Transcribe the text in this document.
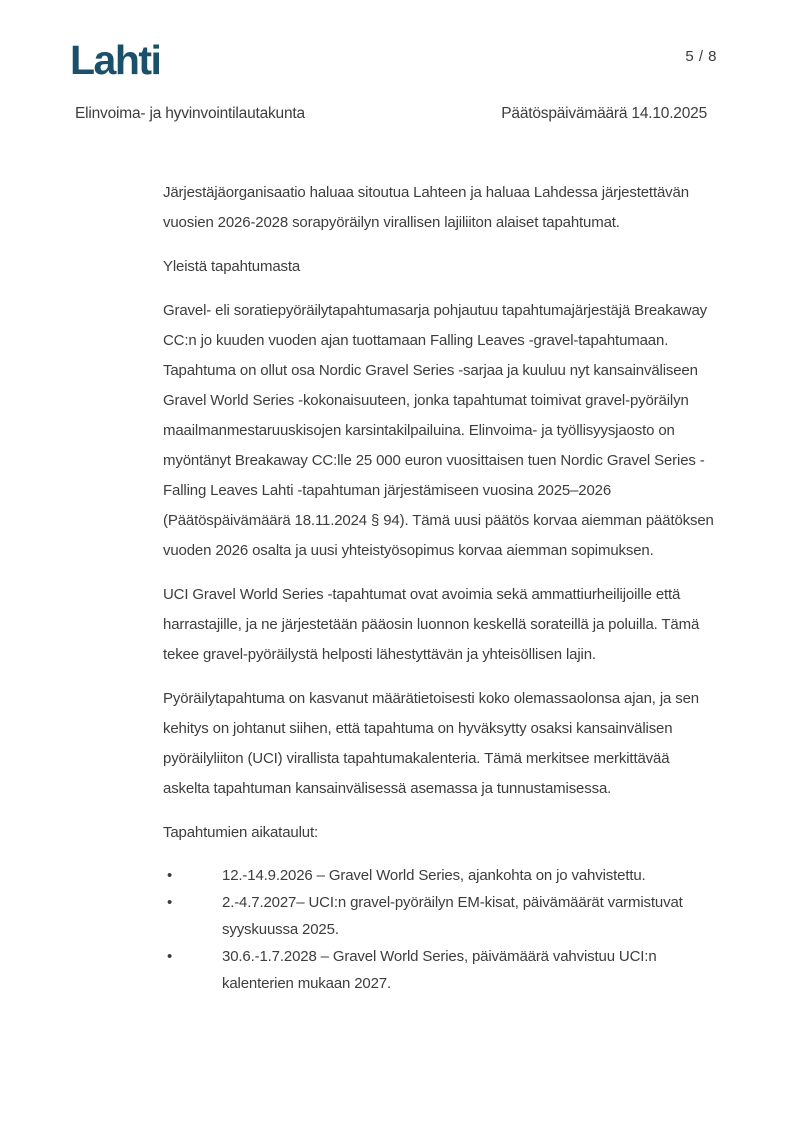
Lahti	5 / 8
Elinvoima- ja hyvinvointilautakunta	Päätöspäivämäärä 14.10.2025

Järjestäjäorganisaatio haluaa sitoutua Lahteen ja haluaa Lahdessa järjestettävän vuosien 2026-2028 sorapyöräilyn virallisen lajiliiton alaiset tapahtumat.

Yleistä tapahtumasta

Gravel- eli soratiepyöräilytapahtumasarja pohjautuu tapahtumajärjestäjä Breakaway CC:n jo kuuden vuoden ajan tuottamaan Falling Leaves -gravel-tapahtumaan. Tapahtuma on ollut osa Nordic Gravel Series -sarjaa ja kuuluu nyt kansainväliseen Gravel World Series -kokonaisuuteen, jonka tapahtumat toimivat gravel-pyöräilyn maailmanmestaruuskisojen karsintakilpailuina. Elinvoima- ja työllisyysjaosto on myöntänyt Breakaway CC:lle 25 000 euron vuosittaisen tuen Nordic Gravel Series - Falling Leaves Lahti -tapahtuman järjestämiseen vuosina 2025–2026 (Päätöspäivämäärä 18.11.2024 § 94). Tämä uusi päätös korvaa aiemman päätöksen vuoden 2026 osalta ja uusi yhteistyösopimus korvaa aiemman sopimuksen.

UCI Gravel World Series -tapahtumat ovat avoimia sekä ammattiurheilijoille että harrastajille, ja ne järjestetään pääosin luonnon keskellä sorateillä ja poluilla. Tämä tekee gravel-pyöräilystä helposti lähestyttävän ja yhteisöllisen lajin.

Pyöräilytapahtuma on kasvanut määrätietoisesti koko olemassaolonsa ajan, ja sen kehitys on johtanut siihen, että tapahtuma on hyväksytty osaksi kansainvälisen pyöräilyliiton (UCI) virallista tapahtumakalenteria. Tämä merkitsee merkittävää askelta tapahtuman kansainvälisessä asemassa ja tunnustamisessa.

Tapahtumien aikataulut:

•	12.-14.9.2026 – Gravel World Series, ajankohta on jo vahvistettu.
•	2.-4.7.2027– UCI:n gravel-pyöräilyn EM-kisat, päivämäärät varmistuvat syyskuussa 2025.
•	30.6.-1.7.2028 – Gravel World Series, päivämäärä vahvistuu UCI:n kalenterien mukaan 2027.
